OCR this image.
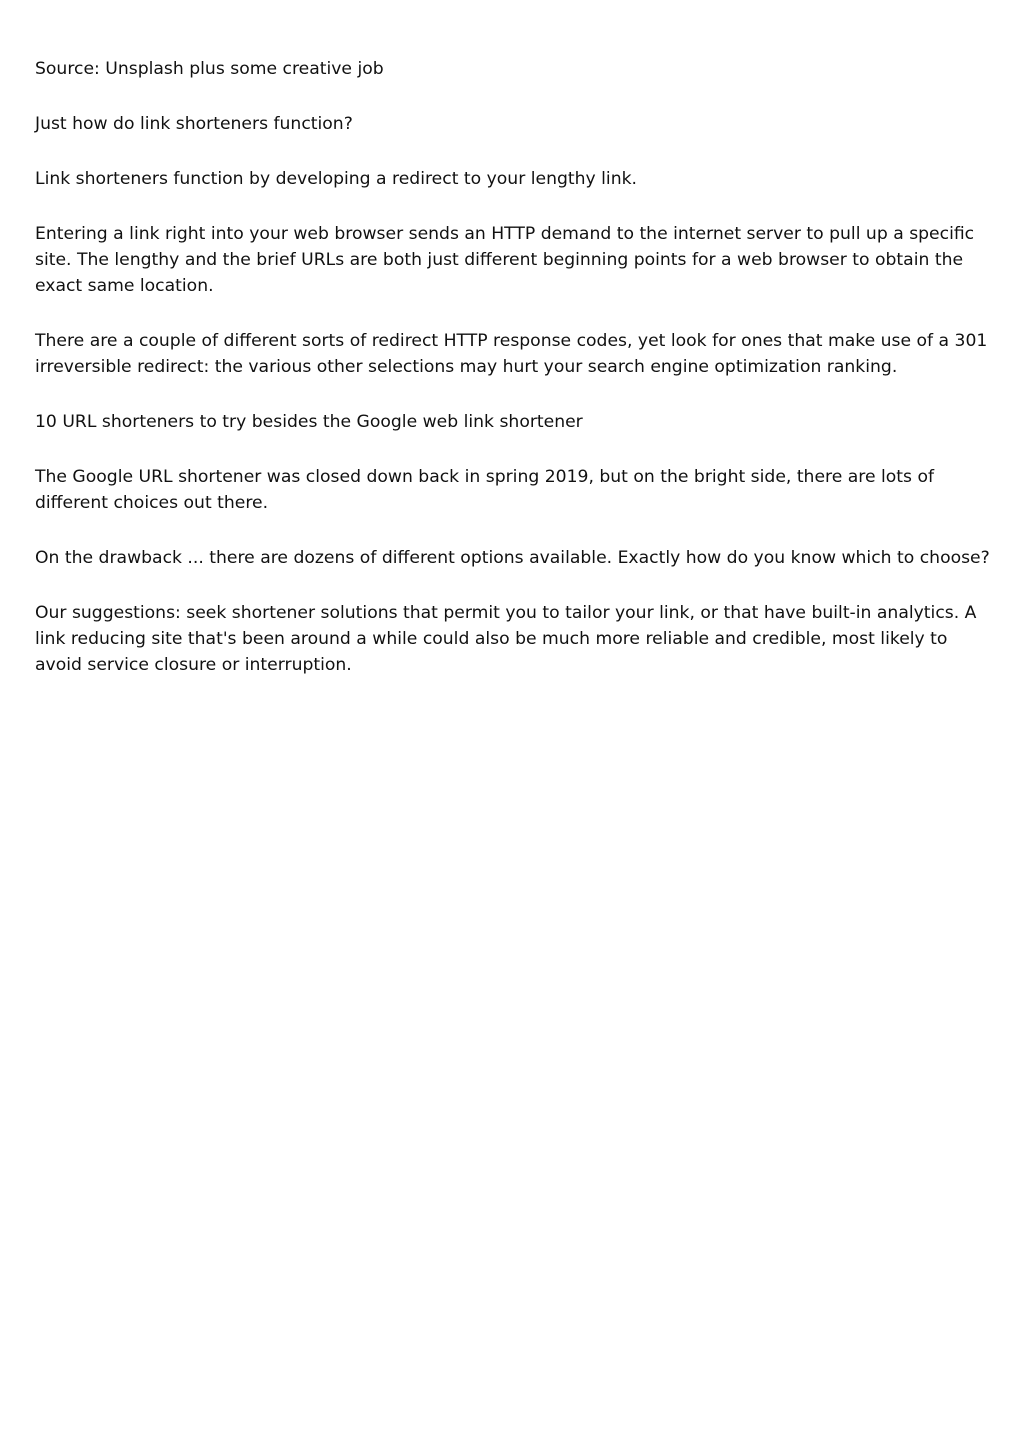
Source: Unsplash plus some creative job

Just how do link shorteners function?

Link shorteners function by developing a redirect to your lengthy link.

Entering a link right into your web browser sends an HTTP demand to the internet server to pull up a specific site. The lengthy and the brief URLs are both just different beginning points for a web browser to obtain the exact same location.

There are a couple of different sorts of redirect HTTP response codes, yet look for ones that make use of a 301 irreversible redirect: the various other selections may hurt your search engine optimization ranking.

10 URL shorteners to try besides the Google web link shortener

The Google URL shortener was closed down back in spring 2019, but on the bright side, there are lots of different choices out there.

On the drawback ... there are dozens of different options available. Exactly how do you know which to choose?

Our suggestions: seek shortener solutions that permit you to tailor your link, or that have built-in analytics. A link reducing site that's been around a while could also be much more reliable and credible, most likely to avoid service closure or interruption.
